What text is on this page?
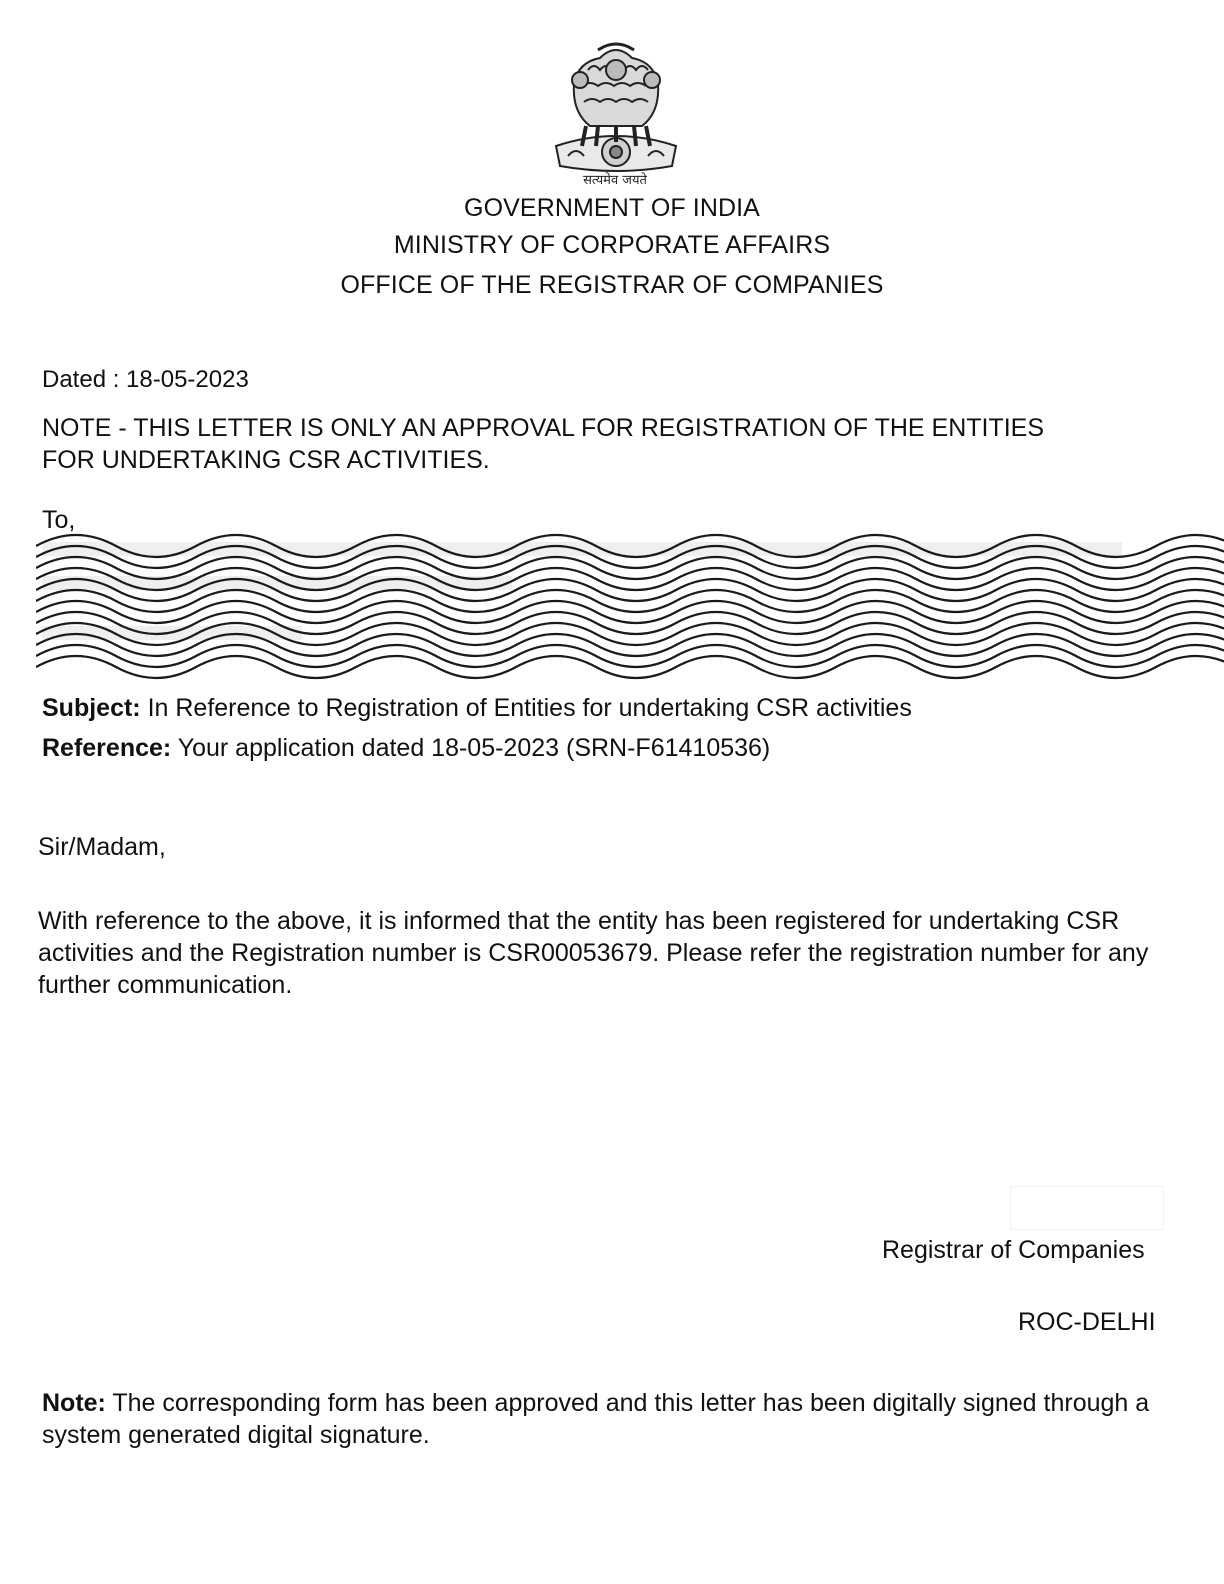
सत्यमेव जयते
GOVERNMENT OF INDIA
MINISTRY OF CORPORATE AFFAIRS
OFFICE OF THE REGISTRAR OF COMPANIES
Dated : 18-05-2023
NOTE - THIS LETTER IS ONLY AN APPROVAL FOR REGISTRATION OF THE ENTITIES FOR UNDERTAKING CSR ACTIVITIES.
To,
Subject: In Reference to Registration of Entities for undertaking CSR activities
Reference: Your application dated 18-05-2023 (SRN-F61410536)
Sir/Madam,
With reference to the above, it is informed that the entity has been registered for undertaking CSR activities and the Registration number is CSR00053679. Please refer the registration number for any further communication.
Registrar of Companies
ROC-DELHI
Note: The corresponding form has been approved and this letter has been digitally signed through a system generated digital signature.
